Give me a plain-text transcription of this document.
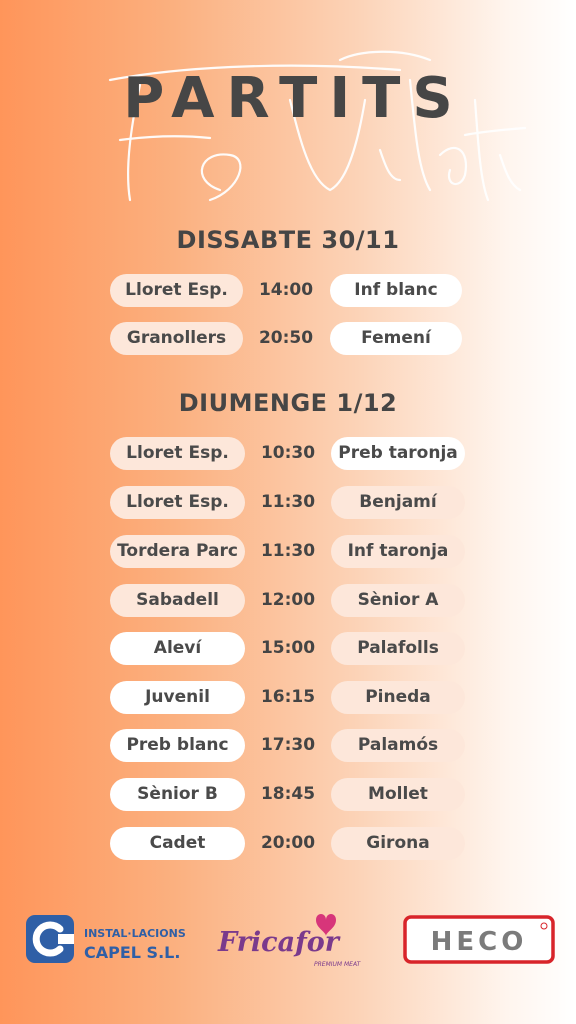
PARTITS
DISSABTE 30/11
Lloret Esp.	14:00	Inf blanc
Granollers	20:50	Femení
DIUMENGE 1/12
Lloret Esp.	10:30	Preb taronja
Lloret Esp.	11:30	Benjamí
Tordera Parc	11:30	Inf taronja
Sabadell	12:00	Sènior A
Aleví	15:00	Palafolls
Juvenil	16:15	Pineda
Preb blanc	17:30	Palamós
Sènior B	18:45	Mollet
Cadet	20:00	Girona
INSTAL·LACIONS
CAPEL S.L. Fricafor
PREMIUM MEAT
HECO
